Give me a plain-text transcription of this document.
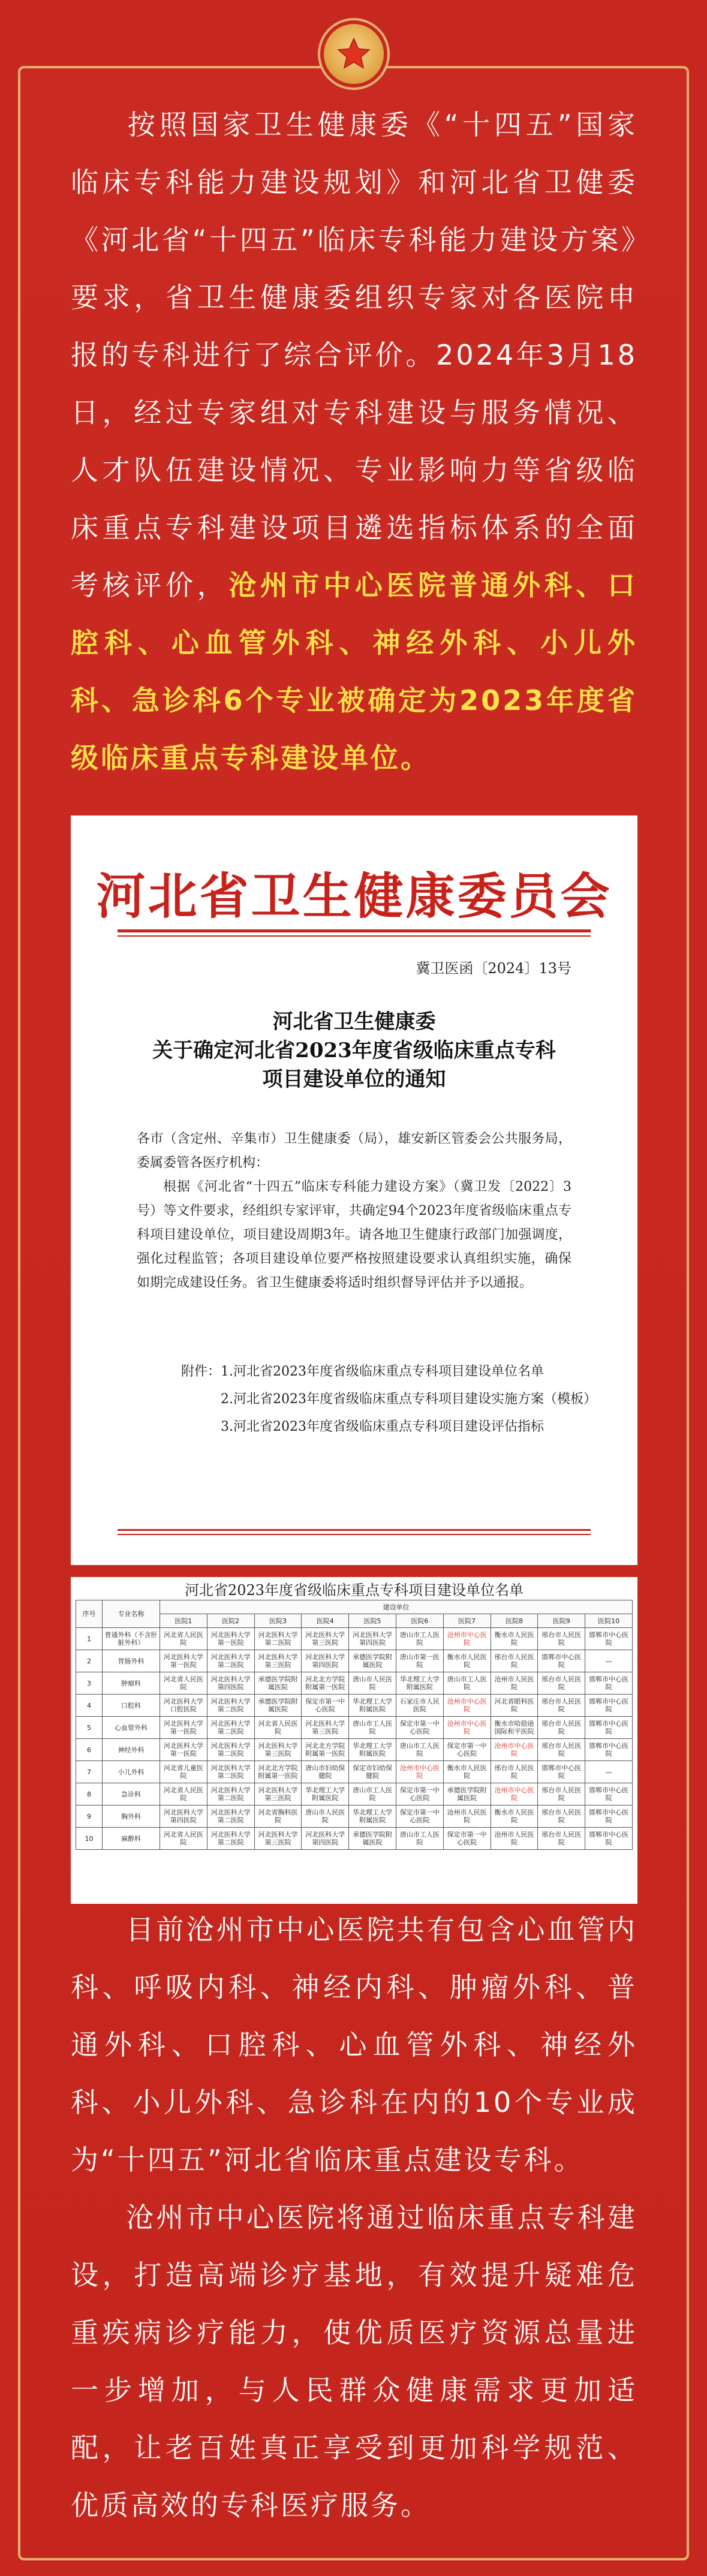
按照国家卫生健康委《“十四五”国家临床专科能力建设规划》和河北省卫健委《河北省“十四五”临床专科能力建设方案》要求，省卫生健康委组织专家对各医院申报的专科进行了综合评价。2024年3月18日，经过专家组对专科建设与服务情况、人才队伍建设情况、专业影响力等省级临床重点专科建设项目遴选指标体系的全面考核评价，沧州市中心医院普通外科、口腔科、心血管外科、神经外科、小儿外科、急诊科6个专业被确定为2023年度省级临床重点专科建设单位。

河北省卫生健康委员会
冀卫医函〔2024〕13号
河北省卫生健康委
关于确定河北省2023年度省级临床重点专科
项目建设单位的通知
各市（含定州、辛集市）卫生健康委（局），雄安新区管委会公共服务局，委属委管各医疗机构：
根据《河北省“十四五”临床专科能力建设方案》（冀卫发〔2022〕3号）等文件要求，经组织专家评审，共确定94个2023年度省级临床重点专科项目建设单位，项目建设周期3年。请各地卫生健康行政部门加强调度，强化过程监管；各项目建设单位要严格按照建设要求认真组织实施，确保如期完成建设任务。省卫生健康委将适时组织督导评估并予以通报。
附件： 1.河北省2023年度省级临床重点专科项目建设单位名单
2.河北省2023年度省级临床重点专科项目建设实施方案（模板）
3.河北省2023年度省级临床重点专科项目建设评估指标
河北省2023年度省级临床重点专科项目建设单位名单
序号	专业名称	建设单位									
		医院1	医院2	医院3	医院4	医院5	医院6	医院7	医院8	医院9	医院10
1	普通外科（不含肝脏外科）	河北省人民医院	河北医科大学第一医院	河北医科大学第二医院	河北医科大学第三医院	河北医科大学第四医院	唐山市工人医院	沧州市中心医院	衡水市人民医院	邢台市人民医院	邯郸市中心医院
2	胃肠外科	河北医科大学第一医院	河北医科大学第二医院	河北医科大学第三医院	河北医科大学第四医院	承德医学院附属医院	唐山市第一医院	衡水市人民医院	邢台市人民医院	邯郸市中心医院	—
3	肿瘤科	河北省人民医院	河北医科大学第四医院	承德医学院附属医院	河北北方学院附属第一医院	唐山市人民医院	华北理工大学附属医院	唐山市工人医院	沧州市人民医院	邢台市人民医院	邯郸市中心医院
4	口腔科	河北医科大学口腔医院	河北医科大学第二医院	承德医学院附属医院	保定市第一中心医院	华北理工大学附属医院	石家庄市人民医院	沧州市中心医院	河北省眼科医院	邢台市人民医院	邯郸市中心医院
5	心血管外科	河北医科大学第一医院	河北医科大学第二医院	河北省人民医院	河北医科大学第三医院	唐山市工人医院	保定市第一中心医院	沧州市中心医院	衡水市哈励逊国际和平医院	邢台市人民医院	邯郸市中心医院
6	神经外科	河北医科大学第一医院	河北医科大学第二医院	河北医科大学第三医院	河北北方学院附属第一医院	华北理工大学附属医院	唐山市工人医院	保定市第一中心医院	沧州市中心医院	邢台市人民医院	邯郸市中心医院
7	小儿外科	河北省儿童医院	河北医科大学第二医院	河北北方学院附属第一医院	唐山市妇幼保健院	保定市妇幼保健院	沧州市中心医院	衡水市人民医院	邢台市人民医院	邯郸市中心医院	—
8	急诊科	河北省人民医院	河北医科大学第二医院	河北医科大学第三医院	华北理工大学附属医院	唐山市工人医院	保定市第一中心医院	承德医学院附属医院	沧州市中心医院	邢台市人民医院	邯郸市中心医院
9	胸外科	河北医科大学第四医院	河北医科大学第二医院	河北省胸科医院	唐山市人民医院	华北理工大学附属医院	保定市第一中心医院	沧州市人民医院	衡水市人民医院	邢台市人民医院	邯郸市中心医院
10	麻醉科	河北省人民医院	河北医科大学第二医院	河北医科大学第三医院	河北医科大学第四医院	承德医学院附属医院	唐山市工人医院	保定市第一中心医院	沧州市人民医院	邢台市人民医院	邯郸市中心医院

目前沧州市中心医院共有包含心血管内科、呼吸内科、神经内科、肿瘤外科、普通外科、口腔科、心血管外科、神经外科、小儿外科、急诊科在内的10个专业成为“十四五”河北省临床重点建设专科。

沧州市中心医院将通过临床重点专科建设，打造高端诊疗基地，有效提升疑难危重疾病诊疗能力，使优质医疗资源总量进一步增加，与人民群众健康需求更加适配，让老百姓真正享受到更加科学规范、优质高效的专科医疗服务。
